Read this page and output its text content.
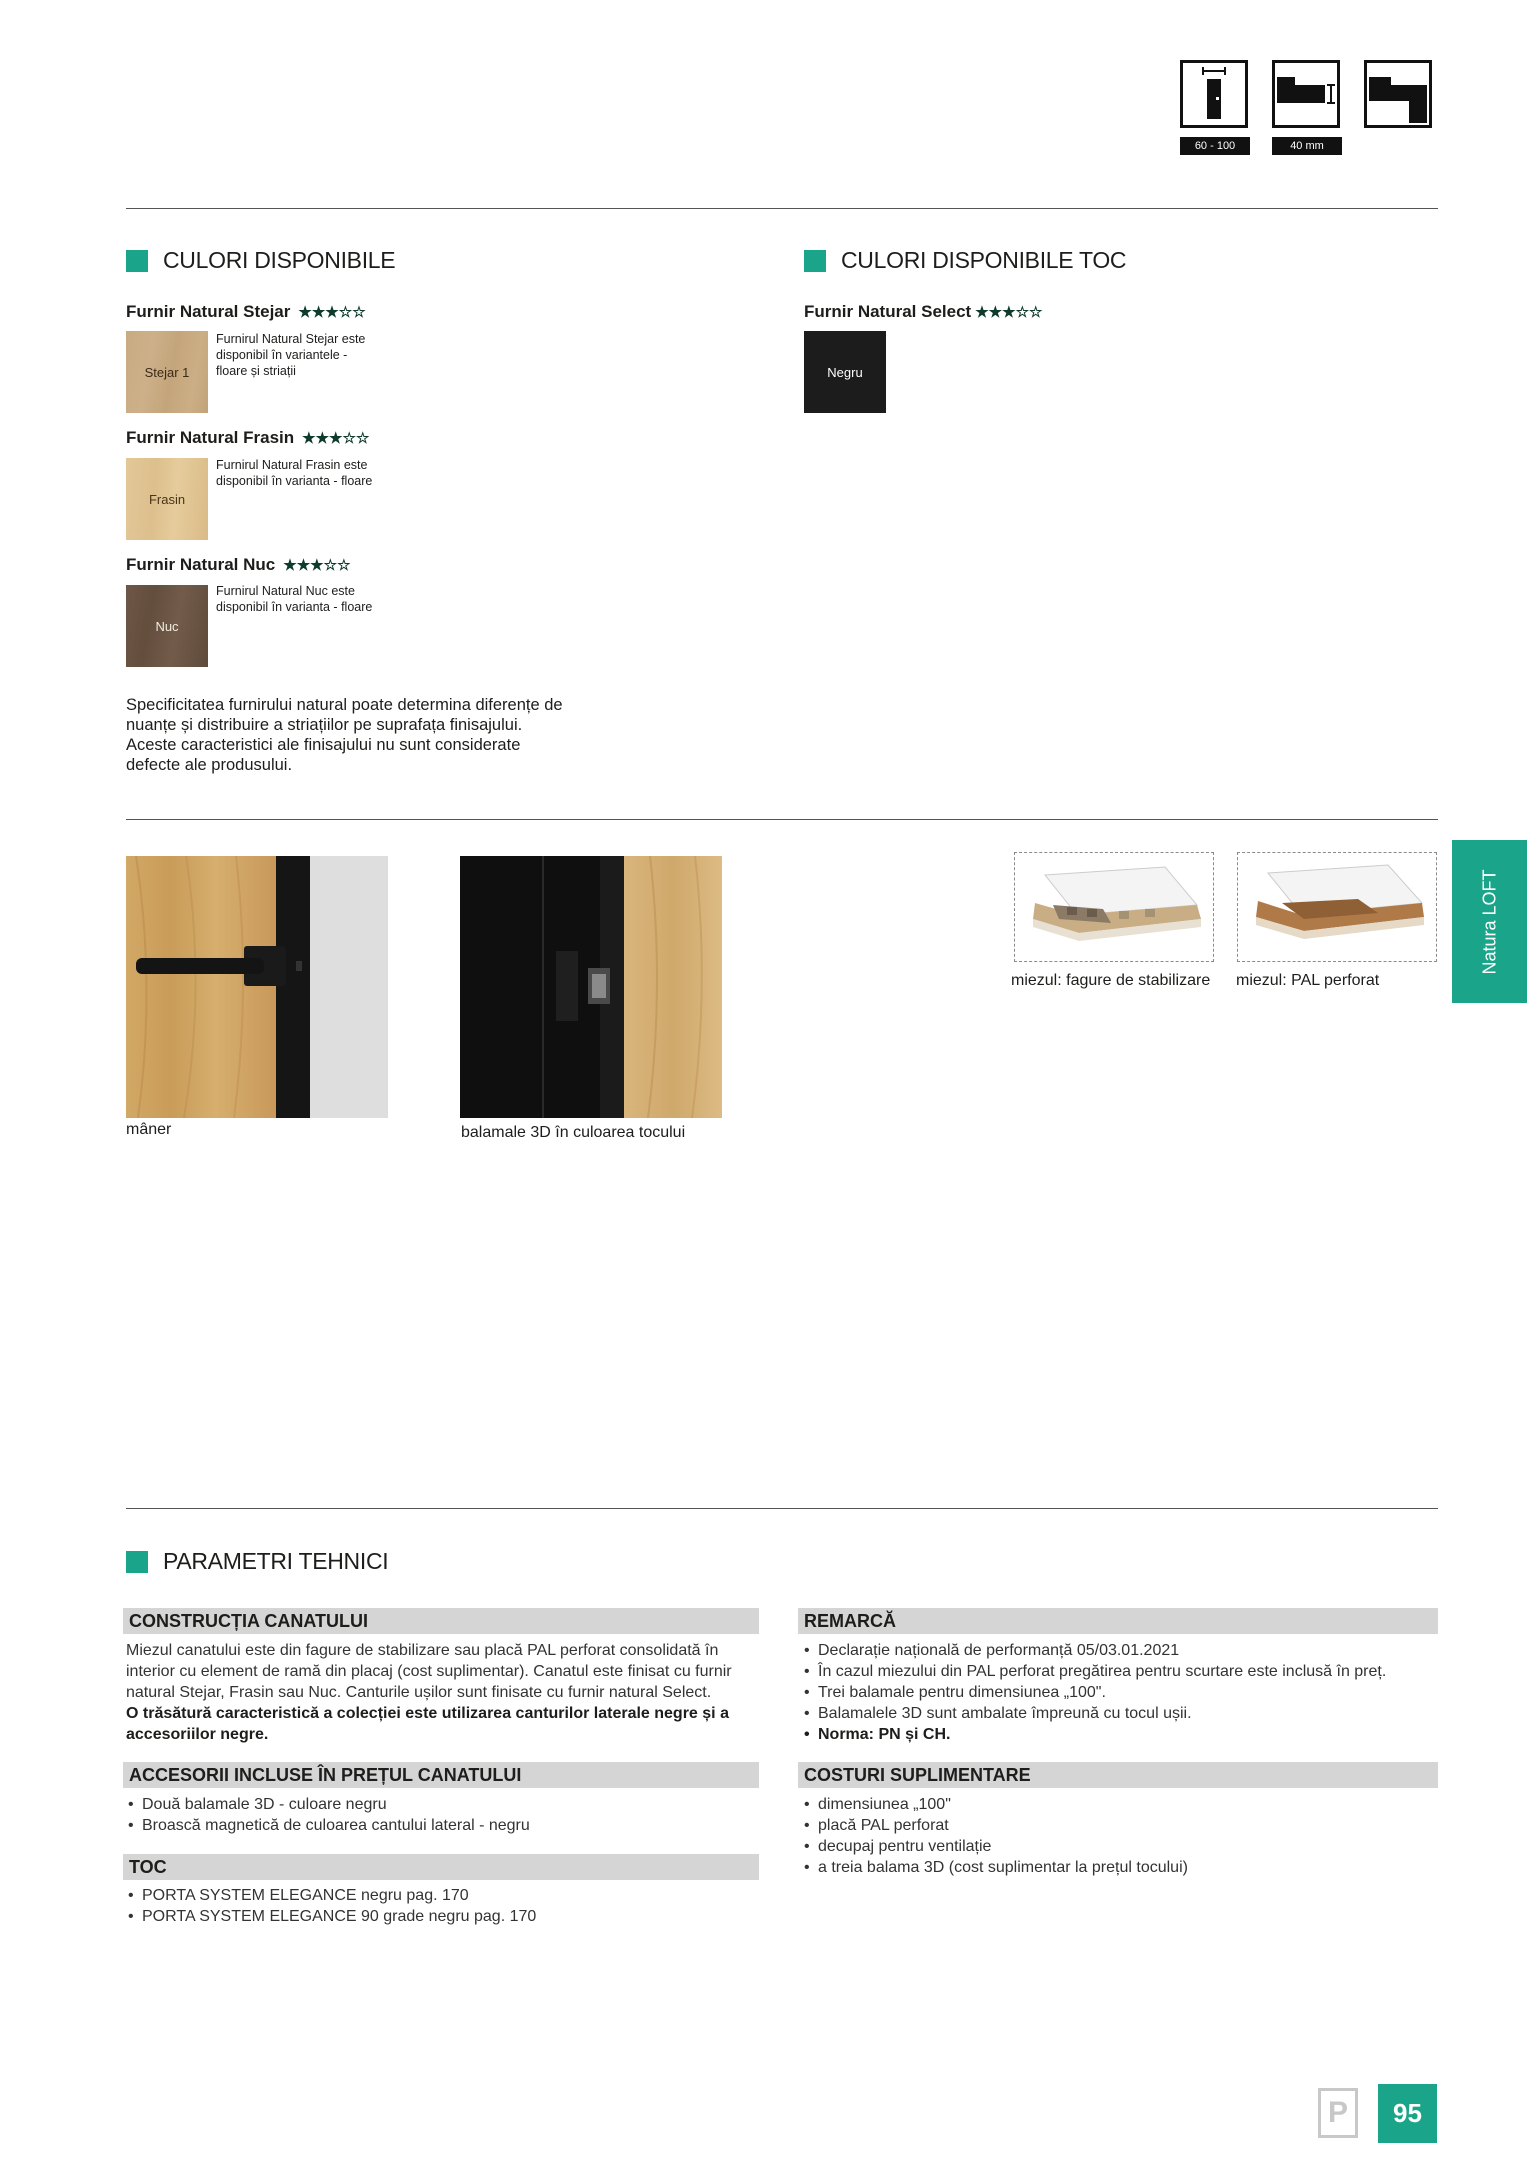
60 - 100	40 mm
CULORI DISPONIBILE
Furnir Natural Stejar ★ ★ ★ ☆ ☆
Stejar 1
Furnirul Natural Stejar este disponibil în variantele - floare și striații
Furnir Natural Frasin ★ ★ ★ ☆ ☆
Frasin
Furnirul Natural Frasin este disponibil în varianta - floare
Furnir Natural Nuc ★ ★ ★ ☆ ☆
Nuc
Furnirul Natural Nuc este disponibil în varianta - floare
Specificitatea furnirului natural poate determina diferențe de nuanțe și distribuire a striațiilor pe suprafața finisajului. Aceste caracteristici ale finisajului nu sunt considerate defecte ale produsului.
CULORI DISPONIBILE TOC
Furnir Natural Select ★ ★ ★ ☆ ☆
Negru
mâner	balamale 3D în culoarea tocului
miezul: fagure de stabilizare miezul: PAL perforat
Natura LOFT
PARAMETRI TEHNICI
CONSTRUCȚIA CANATULUI
Miezul canatului este din fagure de stabilizare sau placă PAL perforat consolidată în interior cu element de ramă din placaj (cost suplimentar). Canatul este finisat cu furnir natural Stejar, Frasin sau Nuc. Canturile ușilor sunt finisate cu furnir natural Select.
O trăsătură caracteristică a colecției este utilizarea canturilor laterale negre și a accesoriilor negre.
ACCESORII INCLUSE ÎN PREȚUL CANATULUI
• Două balamale 3D - culoare negru
• Broască magnetică de culoarea cantului lateral - negru
TOC
• PORTA SYSTEM ELEGANCE negru pag. 170
• PORTA SYSTEM ELEGANCE 90 grade negru pag. 170
REMARCĂ
• Declarație națională de performanță 05/03.01.2021
• În cazul miezului din PAL perforat pregătirea pentru scurtare este inclusă în preț.
• Trei balamale pentru dimensiunea „100".
• Balamalele 3D sunt ambalate împreună cu tocul ușii.
• Norma: PN și CH.
COSTURI SUPLIMENTARE
• dimensiunea „100"
• placă PAL perforat
• decupaj pentru ventilație
• a treia balama 3D (cost suplimentar la prețul tocului)
P	95
